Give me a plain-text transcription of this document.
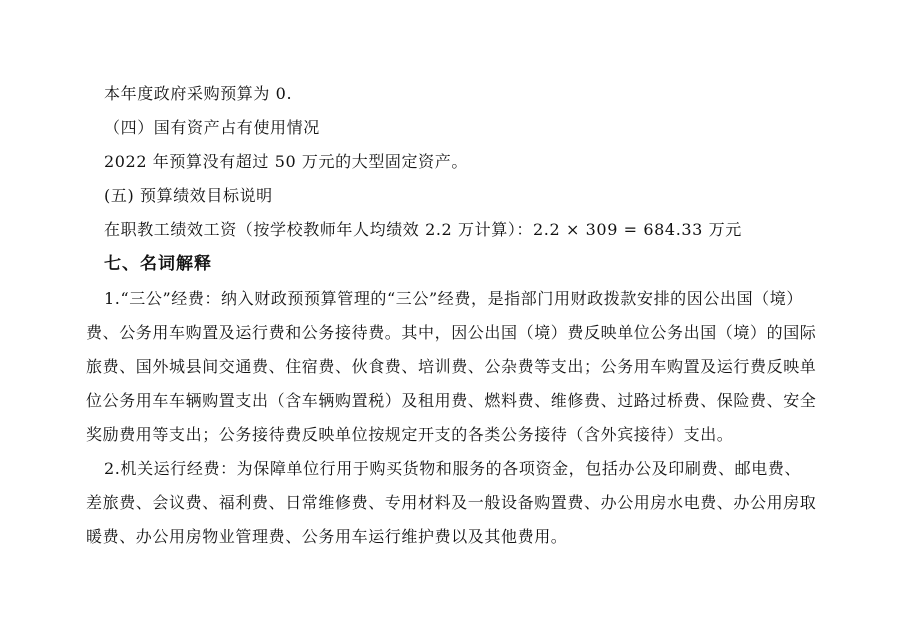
本年度政府采购预算为 0.
（四）国有资产占有使用情况
2022 年预算没有超过 50 万元的大型固定资产。
(五) 预算绩效目标说明
在职教工绩效工资（按学校教师年人均绩效 2.2 万计算）：2.2 × 309 = 684.33 万元
七、名词解释
1.“三公”经费：纳入财政预预算管理的“三公”经费，是指部门用财政拨款安排的因公出国（境）
费、公务用车购置及运行费和公务接待费。其中，因公出国（境）费反映单位公务出国（境）的国际
旅费、国外城县间交通费、住宿费、伙食费、培训费、公杂费等支出；公务用车购置及运行费反映单
位公务用车车辆购置支出（含车辆购置税）及租用费、燃料费、维修费、过路过桥费、保险费、安全
奖励费用等支出；公务接待费反映单位按规定开支的各类公务接待（含外宾接待）支出。
2.机关运行经费：为保障单位行用于购买货物和服务的各项资金，包括办公及印刷费、邮电费、
差旅费、会议费、福利费、日常维修费、专用材料及一般设备购置费、办公用房水电费、办公用房取
暖费、办公用房物业管理费、公务用车运行维护费以及其他费用。
